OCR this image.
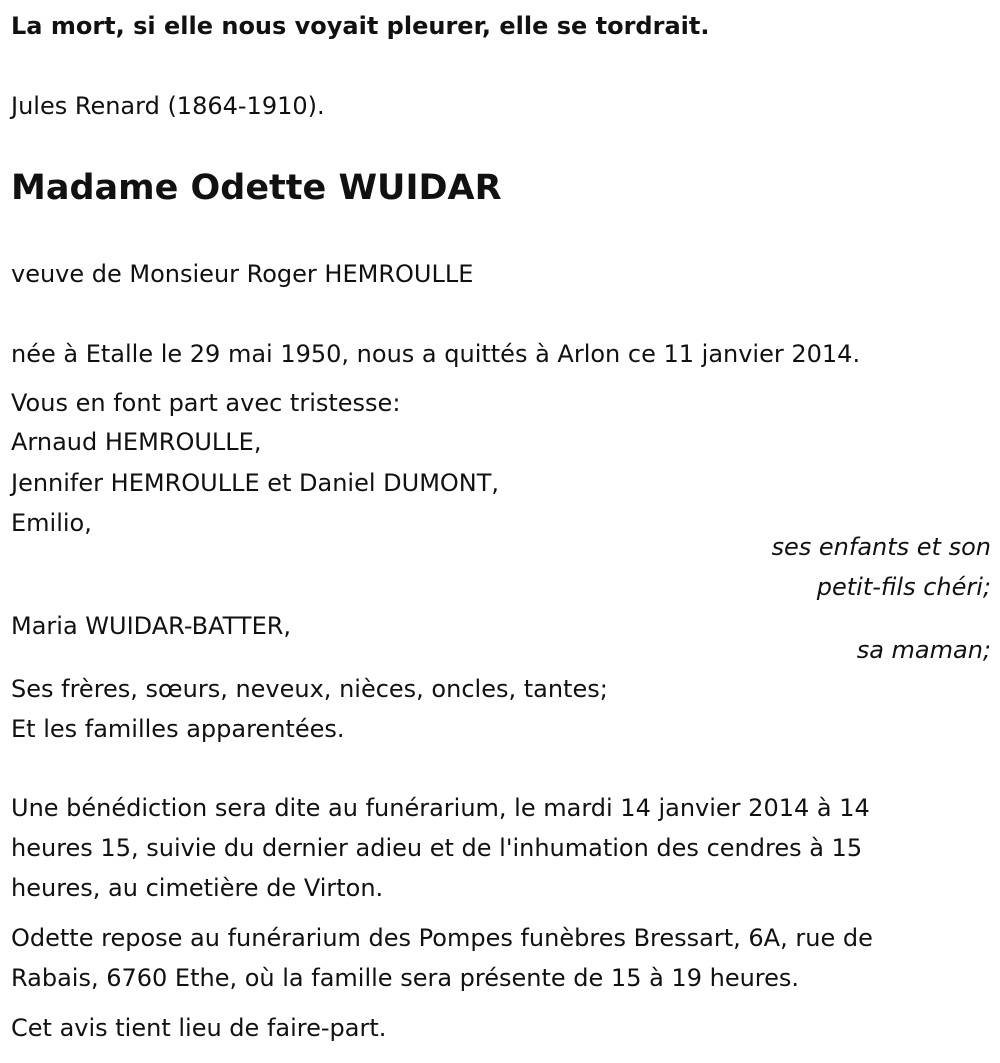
La mort, si elle nous voyait pleurer, elle se tordrait.
Jules Renard (1864-1910).
Madame Odette WUIDAR
veuve de Monsieur Roger HEMROULLE
née à Etalle le 29 mai 1950, nous a quittés à Arlon ce 11 janvier 2014.
Vous en font part avec tristesse:
Arnaud HEMROULLE,
Jennifer HEMROULLE et Daniel DUMONT,
Emilio,
ses enfants et son
petit-fils chéri;
Maria WUIDAR-BATTER,
sa maman;
Ses frères, sœurs, neveux, nièces, oncles, tantes;
Et les familles apparentées.
Une bénédiction sera dite au funérarium, le mardi 14 janvier 2014 à 14
heures 15, suivie du dernier adieu et de l'inhumation des cendres à 15
heures, au cimetière de Virton.
Odette repose au funérarium des Pompes funèbres Bressart, 6A, rue de
Rabais, 6760 Ethe, où la famille sera présente de 15 à 19 heures.
Cet avis tient lieu de faire-part.
